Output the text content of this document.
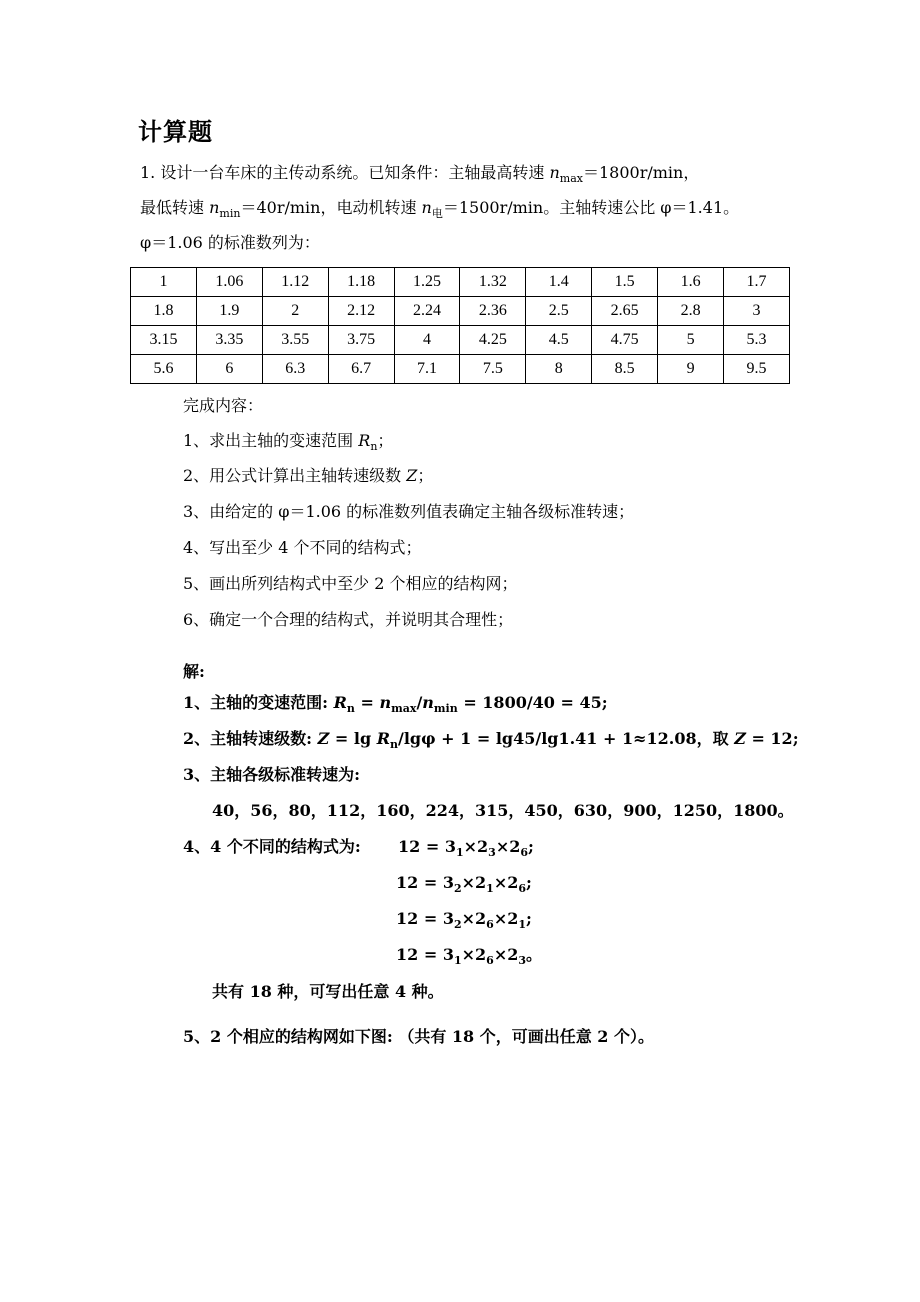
计算题
1. 设计一台车床的主传动系统。已知条件：主轴最高转速 $n_{max}=1800r/\min$，
最低转速 $n_{min}=40r/\min$，电动机转速 $n_电=1500r/\min$。主轴转速公比 φ＝1.41。
φ＝1.06 的标准数列为：
1	1.06	1.12	1.18	1.25	1.32	1.4	1.5	1.6	1.7
1.8	1.9	2	2.12	2.24	2.36	2.5	2.65	2.8	3
3.15	3.35	3.55	3.75	4	4.25	4.5	4.75	5	5.3
5.6	6	6.3	6.7	7.1	7.5	8	8.5	9	9.5
完成内容：
1、求出主轴的变速范围 $R_n$；
2、用公式计算出主轴转速级数 Z；
3、由给定的 φ＝1.06 的标准数列值表确定主轴各级标准转速；
4、写出至少 4 个不同的结构式；
5、画出所列结构式中至少 2 个相应的结构网；
6、确定一个合理的结构式，并说明其合理性；
解:
1、主轴的变速范围: $R_n = n_{max}/n_{min} = 1800/40 = 45$;
2、主轴转速级数: $Z = \lg R_n$/lgφ + 1 = lg45/lg1.41 + 1≈12.08，取 Z = 12;
3、主轴各级标准转速为:
40，56，80，112，160，224，315，450，630，900，1250，1800。
4、4 个不同的结构式为: $12 = 3_1\times 2_3\times 2_6$;
$12 = 3_2\times 2_1\times 2_6$;
$12 = 3_2\times 2_6\times 2_1$;
$12 = 3_1\times 2_6\times 2_3$。
共有 18 种，可写出任意 4 种。
5、2 个相应的结构网如下图: （共有 18 个，可画出任意 2 个）。
